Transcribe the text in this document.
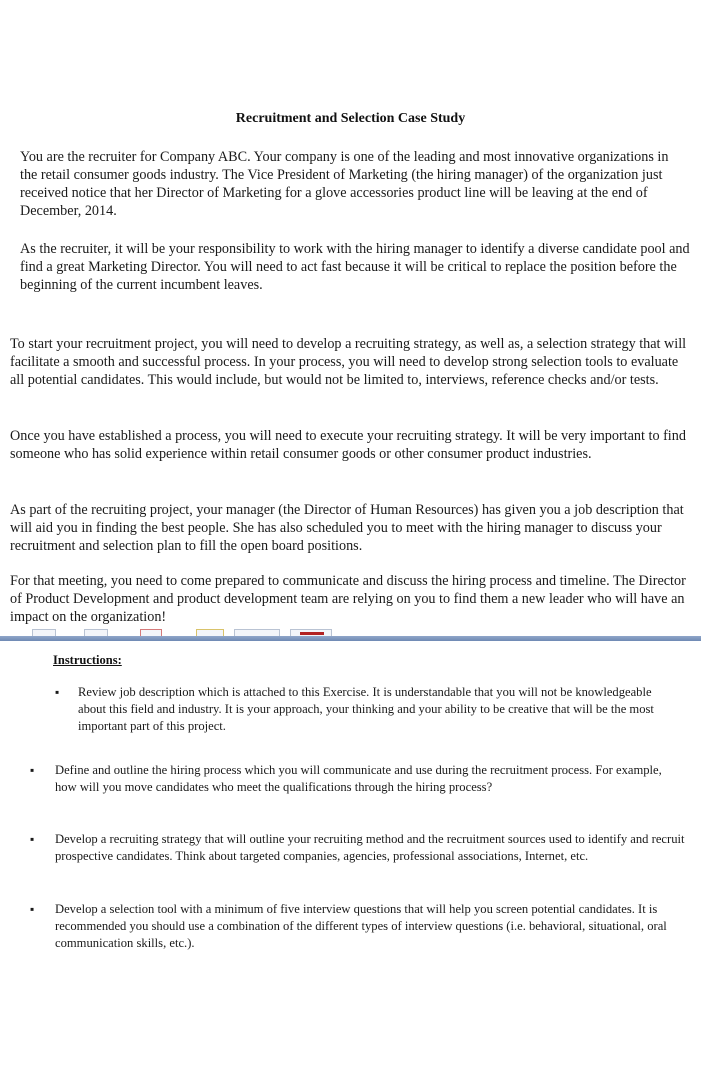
Recruitment and Selection Case Study

You are the recruiter for Company ABC. Your company is one of the leading and most innovative organizations in the retail consumer goods industry. The Vice President of Marketing (the hiring manager) of the organization just received notice that her Director of Marketing for a glove accessories product line will be leaving at the end of December, 2014.

As the recruiter, it will be your responsibility to work with the hiring manager to identify a diverse candidate pool and find a great Marketing Director. You will need to act fast because it will be critical to replace the position before the beginning of the current incumbent leaves.

To start your recruitment project, you will need to develop a recruiting strategy, as well as, a selection strategy that will facilitate a smooth and successful process. In your process, you will need to develop strong selection tools to evaluate all potential candidates. This would include, but would not be limited to, interviews, reference checks and/or tests.

Once you have established a process, you will need to execute your recruiting strategy. It will be very important to find someone who has solid experience within retail consumer goods or other consumer product industries.

As part of the recruiting project, your manager (the Director of Human Resources) has given you a job description that will aid you in finding the best people. She has also scheduled you to meet with the hiring manager to discuss your recruitment and selection plan to fill the open board positions.

For that meeting, you need to come prepared to communicate and discuss the hiring process and timeline. The Director of Product Development and product development team are relying on you to find them a new leader who will have an impact on the organization!

Instructions:
▪ Review job description which is attached to this Exercise. It is understandable that you will not be knowledgeable about this field and industry. It is your approach, your thinking and your ability to be creative that will be the most important part of this project.

▪ Define and outline the hiring process which you will communicate and use during the recruitment process. For example, how will you move candidates who meet the qualifications through the hiring process?

▪ Develop a recruiting strategy that will outline your recruiting method and the recruitment sources used to identify and recruit prospective candidates. Think about targeted companies, agencies, professional associations, Internet, etc.

▪ Develop a selection tool with a minimum of five interview questions that will help you screen potential candidates. It is recommended you should use a combination of the different types of interview questions (i.e. behavioral, situational, oral communication skills, etc.).
